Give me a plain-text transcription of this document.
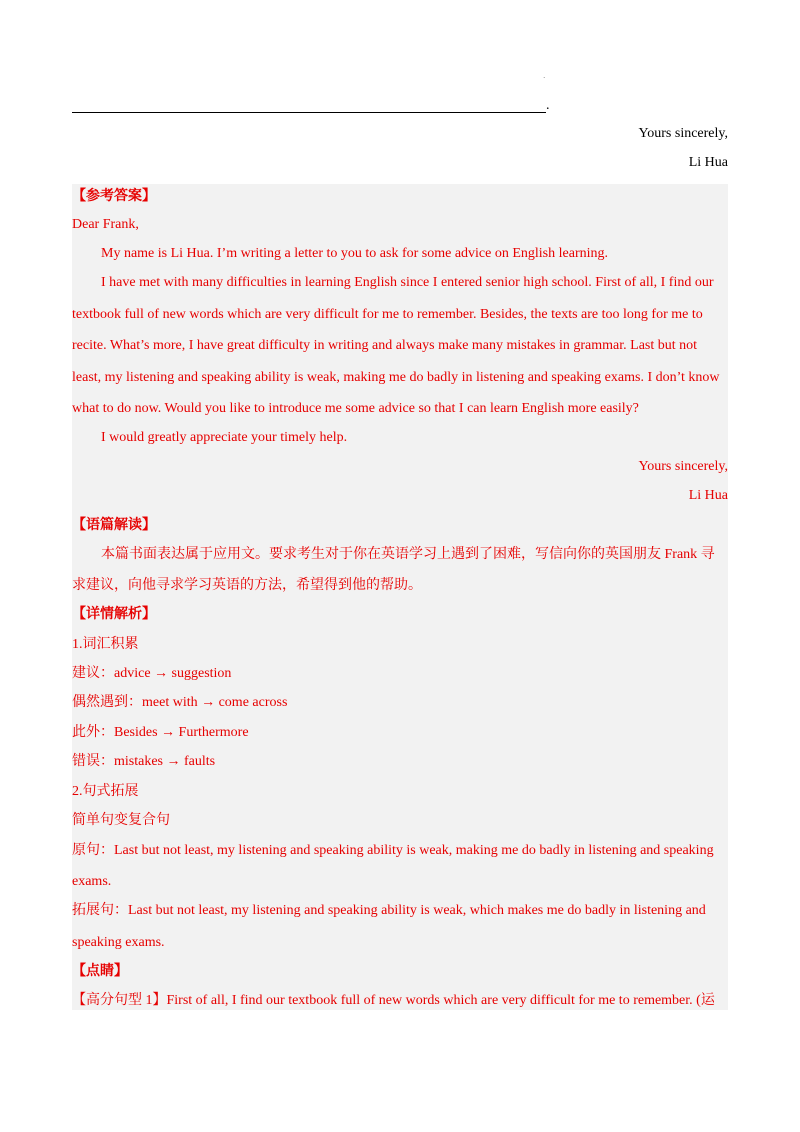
·
.
Yours sincerely,
Li Hua
【参考答案】
Dear Frank,
My name is Li Hua. I’m writing a letter to you to ask for some advice on English learning.
I have met with many difficulties in learning English since I entered senior high school. First of all, I find our
textbook full of new words which are very difficult for me to remember. Besides, the texts are too long for me to
recite. What’s more, I have great difficulty in writing and always make many mistakes in grammar. Last but not
least, my listening and speaking ability is weak, making me do badly in listening and speaking exams. I don’t know
what to do now. Would you like to introduce me some advice so that I can learn English more easily?
I would greatly appreciate your timely help.
Yours sincerely,
Li Hua
【语篇解读】
本篇书面表达属于应用文。要求考生对于你在英语学习上遇到了困难，写信向你的英国朋友 Frank 寻
求建议，向他寻求学习英语的方法，希望得到他的帮助。
【详情解析】
1.词汇积累
建议：advice → suggestion
偶然遇到：meet with → come across
此外：Besides → Furthermore
错误：mistakes → faults
2.句式拓展
简单句变复合句
原句：Last but not least, my listening and speaking ability is weak, making me do badly in listening and speaking
exams.
拓展句：Last but not least, my listening and speaking ability is weak, which makes me do badly in listening and
speaking exams.
【点睛】
【高分句型 1】First of all, I find our textbook full of new words which are very difficult for me to remember. (运
